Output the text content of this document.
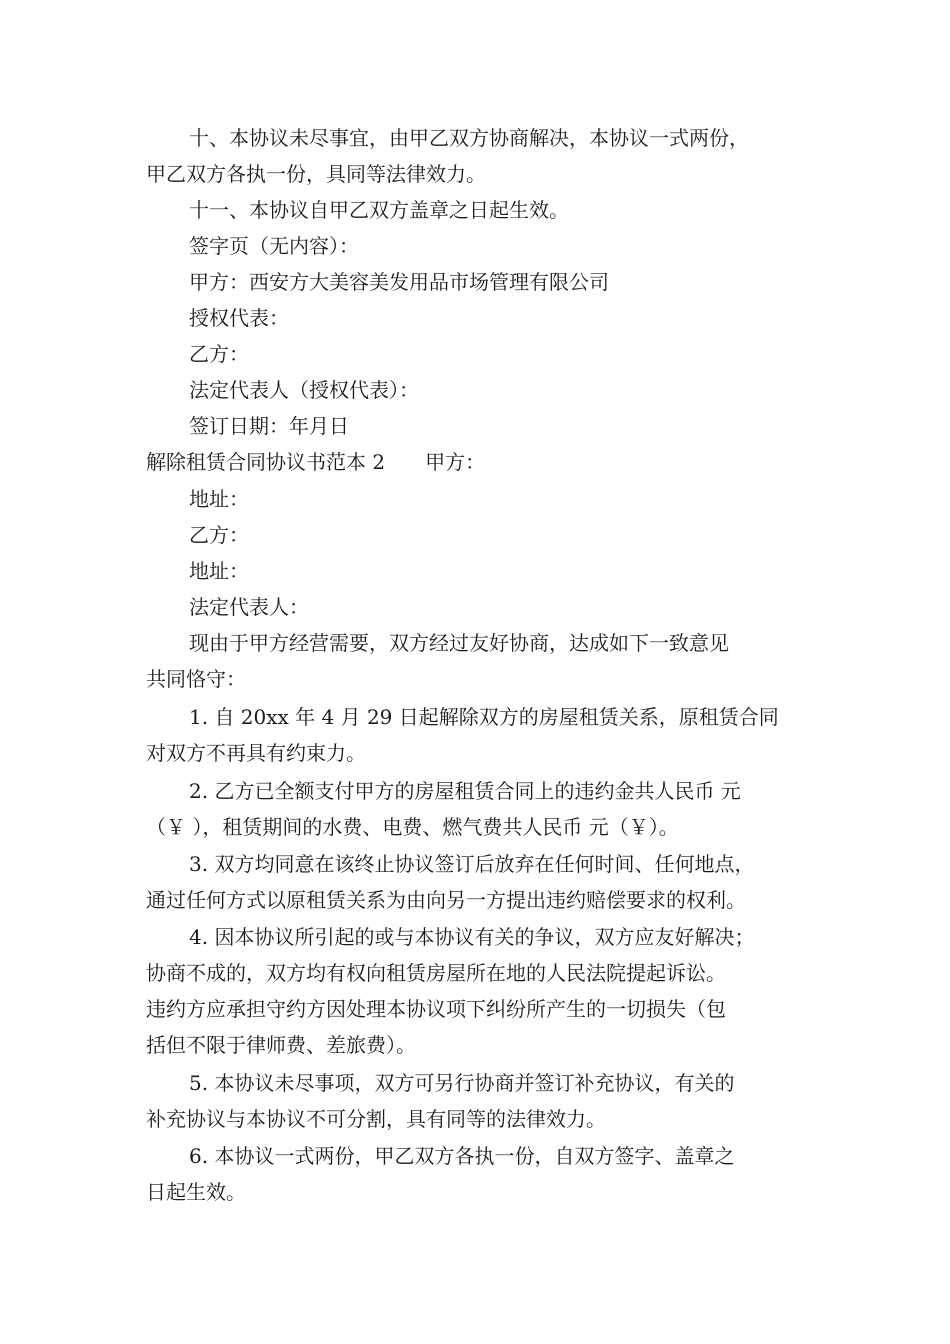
十、本协议未尽事宜，由甲乙双方协商解决，本协议一式两份，
甲乙双方各执一份，具同等法律效力。
十一、本协议自甲乙双方盖章之日起生效。
签字页（无内容）：
甲方：西安方大美容美发用品市场管理有限公司
授权代表：
乙方：
法定代表人（授权代表）：
签订日期：年月日
解除租赁合同协议书范本 2 甲方：
地址：
乙方：
地址：
法定代表人：
现由于甲方经营需要，双方经过友好协商，达成如下一致意见
共同恪守：
1. 自 20xx 年 4 月 29 日起解除双方的房屋租赁关系，原租赁合同
对双方不再具有约束力。
2. 乙方已全额支付甲方的房屋租赁合同上的违约金共人民币 元
（￥ ），租赁期间的水费、电费、燃气费共人民币 元（￥）。
3. 双方均同意在该终止协议签订后放弃在任何时间、任何地点，
通过任何方式以原租赁关系为由向另一方提出违约赔偿要求的权利。
4. 因本协议所引起的或与本协议有关的争议，双方应友好解决；
协商不成的，双方均有权向租赁房屋所在地的人民法院提起诉讼。
违约方应承担守约方因处理本协议项下纠纷所产生的一切损失（包
括但不限于律师费、差旅费）。
5. 本协议未尽事项，双方可另行协商并签订补充协议，有关的
补充协议与本协议不可分割，具有同等的法律效力。
6. 本协议一式两份，甲乙双方各执一份，自双方签字、盖章之
日起生效。
